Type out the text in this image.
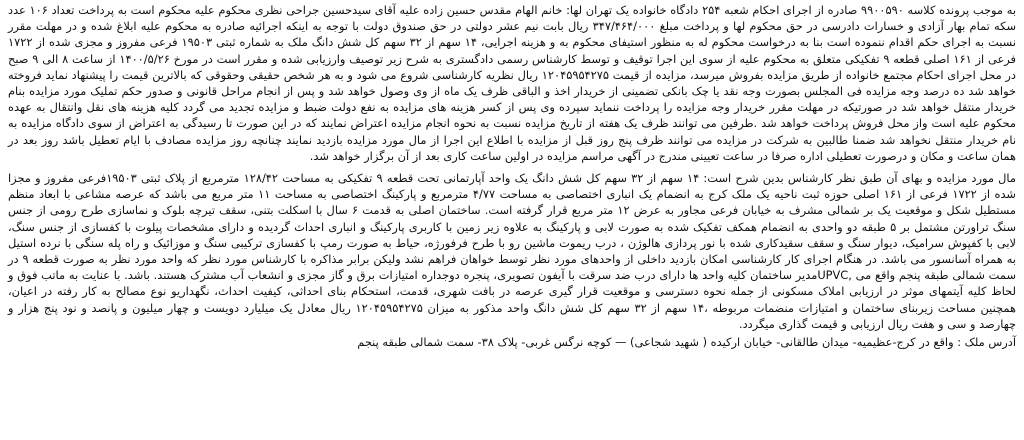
به موجب پرونده کلاسه ۹۹۰۰۵۹۰ صادره از اجرای احکام شعبه ۲۵۴ دادگاه خانواده یک تهران لها: خانم الهام مقدس حسین زاده علیه آقای سیدحسین جراحی نظری محکوم علیه محکوم است به پرداخت تعداد ۱۰۶ عدد سکه تمام بهار آزادی و خسارات دادرسی در حق محکوم لها و پرداخت مبلغ ۳۴۷/۴۶۴/۰۰۰ ریال بابت نیم عشر دولتی در حق صندوق دولت با توجه به اینکه اجرائیه صادره به محکوم علیه ابلاغ شده و در مهلت مقرر نسبت به اجرای حکم اقدام ننموده است بنا به درخواست محکوم له به منظور استیفای محکوم به و هزینه اجرایی، ۱۴ سهم از ۳۲ سهم کل شش دانگ ملک به شماره ثبتی ۱۹۵۰۳ فرعی مفروز و مجزی شده از ۱۷۲۲ فرعی از ۱۶۱ اصلی قطعه ۹ تفکیکی متعلق به محکوم علیه از سوی این اجرا توقیف و توسط کارشناس رسمی دادگستری به شرح زیر توصیف وارزیابی شده و مقرر است در مورخ ۱۴۰۰/۵/۲۶ از ساعت ۸ الی ۹ صبح در محل اجرای احکام مجتمع خانواده از طریق مزایده بفروش میرسد، مزایده از قیمت ۱۲۰۴۵۹۵۴۲۷۵ ریال نظریه کارشناسی شروع می شود و به هر شخص حقیقی وحقوقی که بالاترین قیمت را پیشنهاد نماید فروخته خواهد شد ده درصد وجه مزایده فی المجلس بصورت وجه نقد یا چک بانکی تضمینی از خریدار اخذ و الباقی ظرف یک ماه از وی وصول خواهد شد و پس از انجام مراحل قانونی و صدور حکم تملیک مورد مزایده بنام خریدار منتقل خواهد شد در صورتیکه در مهلت مقرر خریدار وجه مزایده را پرداخت ننماید سپرده وی پس از کسر هزینه های مزایده به نفع دولت ضبط و مزایده تجدید می گردد کلیه هزینه های نقل وانتقال به عهده محکوم علیه است واز محل فروش پرداخت خواهد شد .طرفین می توانند ظرف یک هفته از تاریخ مزایده نسبت به نحوه انجام مزایده اعتراض نمایند که در این صورت تا رسیدگی به اعتراض از سوی دادگاه مزایده به نام خریدار منتقل نخواهد شد ضمنا طالبین به شرکت در مزایده می توانند ظرف پنج روز قبل از مزایده با اطلاع این اجرا از مال مورد مزایده بازدید نمایند چنانچه روز مزایده مصادف با ایام تعطیل باشد روز بعد در همان ساعت و مکان و درصورت تعطیلی اداره صرفا در ساعت تعیینی مندرج در آگهی مراسم مزایده در اولین ساعت کاری بعد از آن برگزار خواهد شد.

مال مورد مزایده و بهای آن طبق نظر کارشناس بدین شرح است: ۱۴ سهم از ۳۲ سهم کل شش دانگ یک واحد آپارتمانی تحت قطعه ۹ تفکیکی به مساحت ۱۲۸/۴۲ مترمربع از پلاک ثبتی ۱۹۵۰۳فرعی مفروز و مجزا شده از ۱۷۲۲ فرعی از ۱۶۱ اصلی حوزه ثبت ناحیه یک ملک کرج به انضمام یک انباری اختصاصی به مساحت ۴/۷۷ مترمربع و پارکینگ اختصاصی به مساحت ۱۱ متر مربع می باشد که عرصه مشاعی با ابعاد منظم مستطیل شکل و موقعیت یک بر شمالی مشرف به خیابان فرعی مجاور به عرض ۱۲ متر مربع قرار گرفته است. ساختمان اصلی به قدمت ۶ سال با اسکلت بتنی، سقف تیرچه بلوک و نماسازی طرح رومی از جنس سنگ تراورتن مشتمل بر ۵ طبقه دو واحدی به انضمام همکف تفکیک شده به صورت لابی و پارکینگ به علاوه زیر زمین با کاربری پارکینگ و انباری احداث گردیده و دارای مشخصات پیلوت با کفسازی از جنس سنگ، لابی با کفپوش سرامیک، دیوار سنگ و سقف سقیدکاری شده با نور پردازی هالوژن ، درب ریموت ماشین رو با طرح فرفورژه، حیاط به صورت رمپ با کفسازی ترکیبی سنگ و موزائیک و راه پله سنگی با نرده استیل به همراه آسانسور می باشد. در هنگام اجرای کار کارشناسی امکان بازدید داخلی از واحدهای مورد نظر توسط خواهان فراهم نشد ولیکن برابر مذاکره با کارشناس مورد نظر که واحد مورد نظر به صورت قطعه ۹ در سمت شمالی طبقه پنجم واقع می ,UPVCمدیر ساختمان کلیه واحد ها دارای درب ضد سرقت با آیفون تصویری، پنجره دوجداره امتیازات برق و گاز مجزی و انشعاب آب مشترک هستند. باشد. با عنایت به ماتب فوق و لحاظ کلیه آیتمهای موثر در ارزیابی املاک مسکونی از جمله نحوه دسترسی و موقعیت قرار گیری عرصه در بافت شهری، قدمت، استحکام بنای احداثی، کیفیت احداث، نگهداریو نوع مصالح به کار رفته در اعیان، همچنین مساحت زیربنای ساختمان و امتیازات منضمات مربوطه ،۱۴ سهم از ۳۲ سهم کل شش دانگ واحد مذکور به میزان ۱۲۰۴۵۹۵۴۲۷۵ ریال معادل یک میلیارد دویست و چهار میلیون و پانصد و نود پنج هزار و چهارصد و سی و هفت ریال ارزیابی و قیمت گذاری میگردد.

آدرس ملک : واقع در کرج-عظیمیه- میدان طالقانی- خیابان ارکیده ( شهید شجاعی) — کوچه نرگس غربی- پلاک ۳۸- سمت شمالی طبقه پنجم
